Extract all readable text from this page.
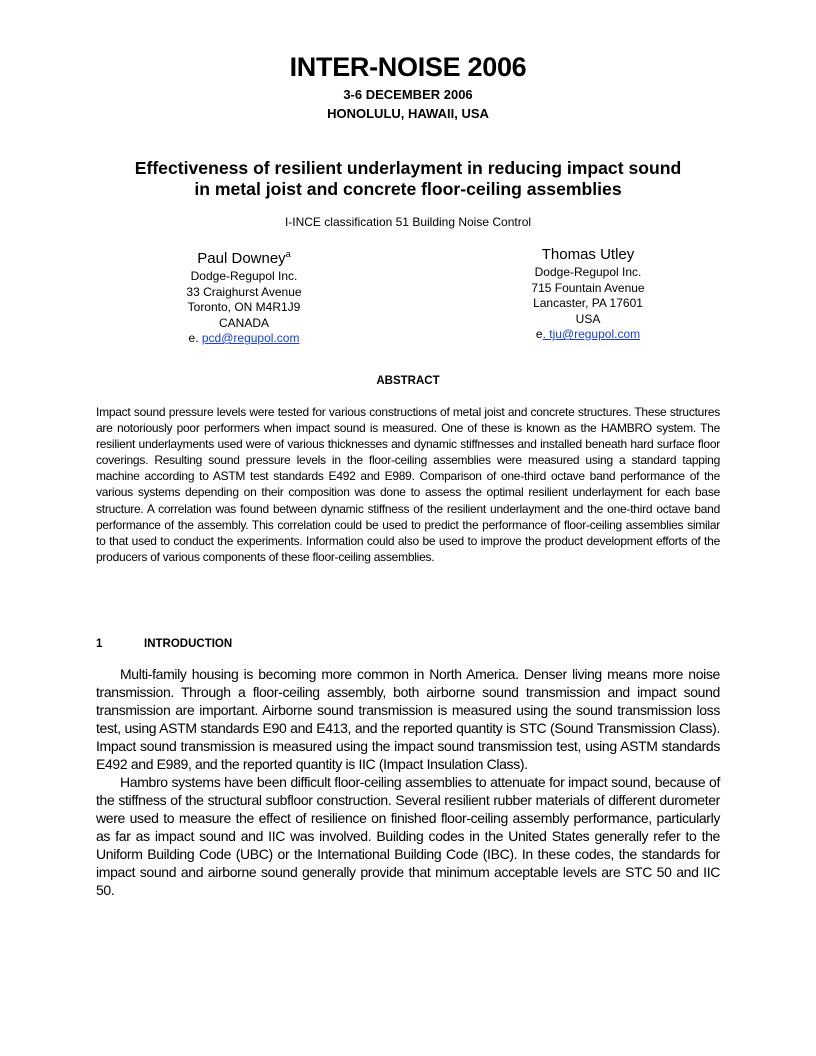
INTER-NOISE 2006
3-6 DECEMBER 2006
HONOLULU, HAWAII, USA
Effectiveness of resilient underlayment in reducing impact sound
in metal joist and concrete floor-ceiling assemblies
I-INCE classification 51 Building Noise Control
Paul Downey$^a$
Dodge-Regupol Inc.
33 Craighurst Avenue
Toronto, ON M4R1J9
CANADA
e. pcd@regupol.com
Thomas Utley
Dodge-Regupol Inc.
715 Fountain Avenue
Lancaster, PA 17601
USA
e. tju@regupol.com
ABSTRACT
Impact sound pressure levels were tested for various constructions of metal joist and concrete structures. These structures are notoriously poor performers when impact sound is measured. One of these is known as the HAMBRO system. The resilient underlayments used were of various thicknesses and dynamic stiffnesses and installed beneath hard surface floor coverings. Resulting sound pressure levels in the floor-ceiling assemblies were measured using a standard tapping machine according to ASTM test standards E492 and E989. Comparison of one-third octave band performance of the various systems depending on their composition was done to assess the optimal resilient underlayment for each base structure. A correlation was found between dynamic stiffness of the resilient underlayment and the one-third octave band performance of the assembly. This correlation could be used to predict the performance of floor-ceiling assemblies similar to that used to conduct the experiments. Information could also be used to improve the product development efforts of the producers of various components of these floor-ceiling assemblies.
1	INTRODUCTION

Multi-family housing is becoming more common in North America. Denser living means more noise transmission. Through a floor-ceiling assembly, both airborne sound transmission and impact sound transmission are important. Airborne sound transmission is measured using the sound transmission loss test, using ASTM standards E90 and E413, and the reported quantity is STC (Sound Transmission Class). Impact sound transmission is measured using the impact sound transmission test, using ASTM standards E492 and E989, and the reported quantity is IIC (Impact Insulation Class).

Hambro systems have been difficult floor-ceiling assemblies to attenuate for impact sound, because of the stiffness of the structural subfloor construction. Several resilient rubber materials of different durometer were used to measure the effect of resilience on finished floor-ceiling assembly performance, particularly as far as impact sound and IIC was involved. Building codes in the United States generally refer to the Uniform Building Code (UBC) or the International Building Code (IBC). In these codes, the standards for impact sound and airborne sound generally provide that minimum acceptable levels are STC 50 and IIC 50.
